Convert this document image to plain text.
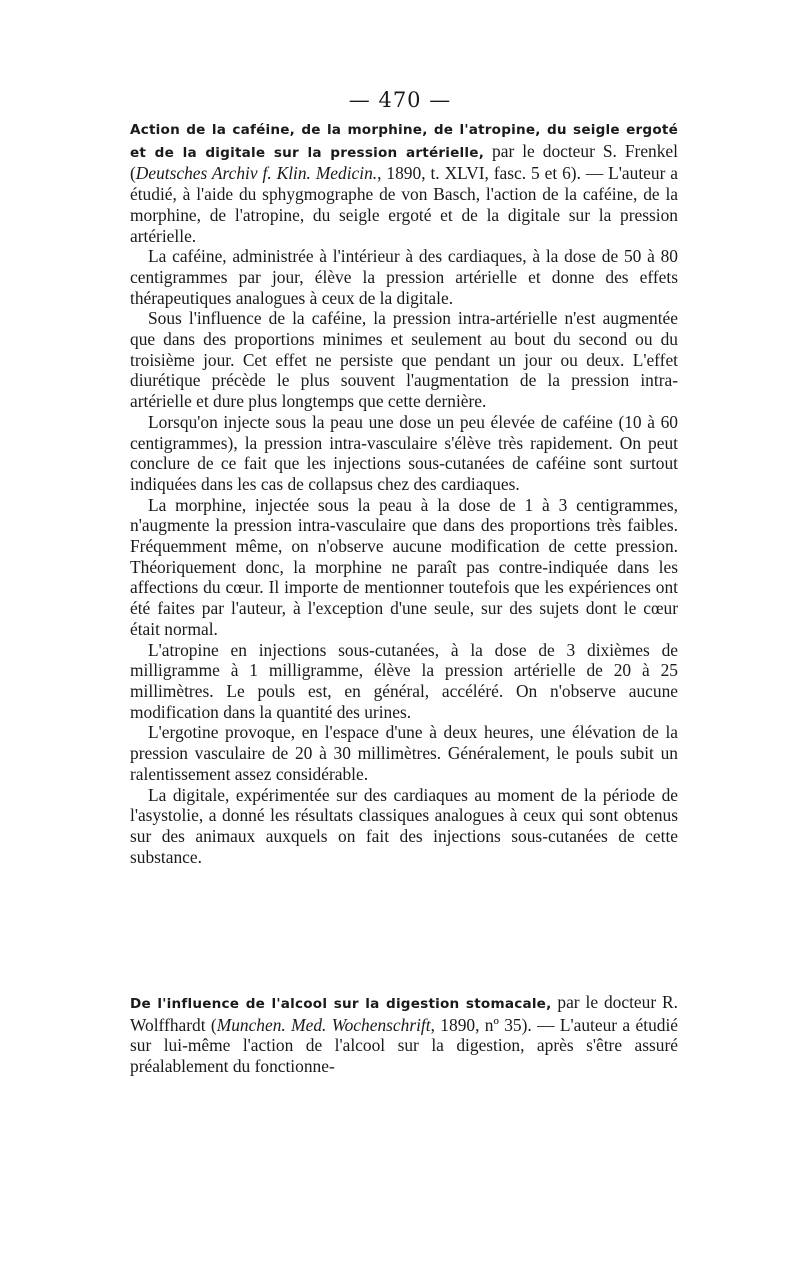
— 470 —

Action de la caféine, de la morphine, de l'atropine, du seigle ergoté et de la digitale sur la pression artérielle, par le docteur S. Frenkel (Deutsches Archiv f. Klin. Medicin., 1890, t. XLVI, fasc. 5 et 6). — L'auteur a étudié, à l'aide du sphygmographe de von Basch, l'action de la caféine, de la morphine, de l'atropine, du seigle ergoté et de la digitale sur la pression artérielle.

La caféine, administrée à l'intérieur à des cardiaques, à la dose de 50 à 80 centigrammes par jour, élève la pression artérielle et donne des effets thérapeutiques analogues à ceux de la digitale.

Sous l'influence de la caféine, la pression intra-artérielle n'est augmentée que dans des proportions minimes et seulement au bout du second ou du troisième jour. Cet effet ne persiste que pendant un jour ou deux. L'effet diurétique précède le plus souvent l'augmentation de la pression intra-artérielle et dure plus longtemps que cette dernière.

Lorsqu'on injecte sous la peau une dose un peu élevée de caféine (10 à 60 centigrammes), la pression intra-vasculaire s'élève très rapidement. On peut conclure de ce fait que les injections sous-cutanées de caféine sont surtout indiquées dans les cas de collapsus chez des cardiaques.

La morphine, injectée sous la peau à la dose de 1 à 3 centigrammes, n'augmente la pression intra-vasculaire que dans des proportions très faibles. Fréquemment même, on n'observe aucune modification de cette pression. Théoriquement donc, la morphine ne paraît pas contre-indiquée dans les affections du cœur. Il importe de mentionner toutefois que les expériences ont été faites par l'auteur, à l'exception d'une seule, sur des sujets dont le cœur était normal.

L'atropine en injections sous-cutanées, à la dose de 3 dixièmes de milligramme à 1 milligramme, élève la pression artérielle de 20 à 25 millimètres. Le pouls est, en général, accéléré. On n'observe aucune modification dans la quantité des urines.

L'ergotine provoque, en l'espace d'une à deux heures, une élévation de la pression vasculaire de 20 à 30 millimètres. Généralement, le pouls subit un ralentissement assez considérable.

La digitale, expérimentée sur des cardiaques au moment de la période de l'asystolie, a donné les résultats classiques analogues à ceux qui sont obtenus sur des animaux auxquels on fait des injections sous-cutanées de cette substance.

De l'influence de l'alcool sur la digestion stomacale, par le docteur R. Wolffhardt (Munchen. Med. Wochenschrift, 1890, nº 35). — L'auteur a étudié sur lui-même l'action de l'alcool sur la digestion, après s'être assuré préalablement du fonctionne-
